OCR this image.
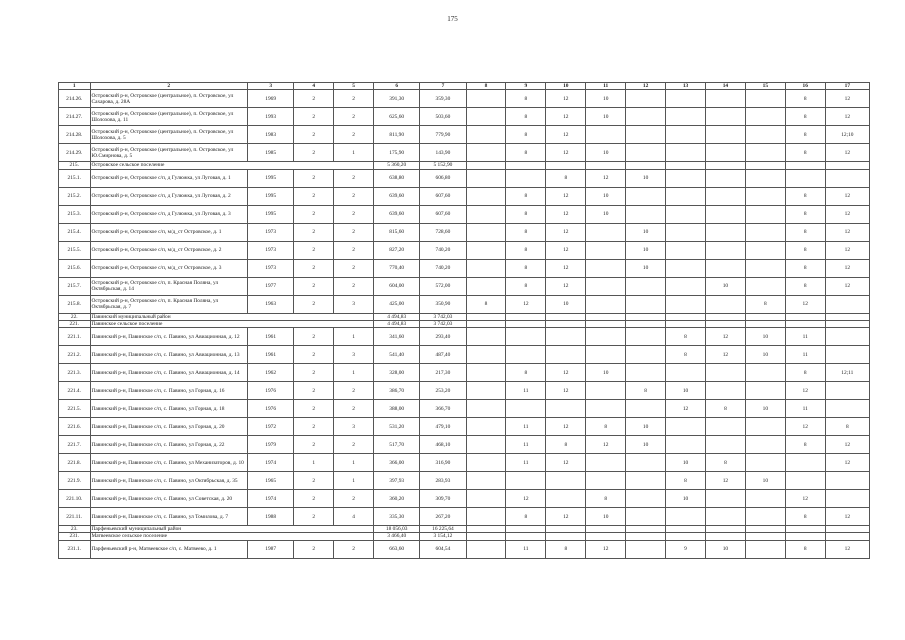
175
1	2	3	4	5	6	7	8	9	10	11	12	13	14	15	16	17
214.26.	Островский р-н, Островское (центральное), п. Островское, ул Сахарова, д. 28А	1969	2	2	391,30	359,30		8	12	10					8	12
214.27.	Островский р-н, Островское (центральное), п. Островское, ул Шолохова, д. 11	1993	2	2	625,60	503,60		8	12	10					8	12
214.28.	Островский р-н, Островское (центральное), п. Островское, ул Шолохова, д. 5	1983	2	2	811,90	779,90		8	12						8	12;10
214.29.	Островский р-н, Островское (центральное), п. Островское, ул Ю.Смирнова, д. 5	1985	2	1	175,90	143,90		8	12	10					8	12
215.	Островское сельское поселение				5 360,20	5 152,90										
215.1.	Островский р-н, Островское с/п, д Гулюжка, ул Луговая, д. 1	1995	2	2	638,80	606,80			8	12	10					
215.2.	Островский р-н, Островское с/п, д Гулюжка, ул Луговая, д. 2	1995	2	2	639,60	607,60		8	12	10					8	12
215.3.	Островский р-н, Островское с/п, д Гулюжка, ул Луговая, д. 3	1995	2	2	639,60	607,60		8	12	10					8	12
215.4.	Островский р-н, Островское с/п, м/д_ст Островское, д. 1	1973	2	2	815,60	728,60		8	12		10				8	12
215.5.	Островский р-н, Островское с/п, м/д_ст Островское, д. 2	1973	2	2	827,20	740,20		8	12		10				8	12
215.6.	Островский р-н, Островское с/п, м/д_ст Островское, д. 3	1973	2	2	770,40	740,20		8	12		10				8	12
215.7.	Островский р-н, Островское с/п, п. Красная Поляна, ул Октябрьская, д. 14	1977	2	2	604,00	572,00		8	12				10		8	12
215.8.	Островский р-н, Островское с/п, п. Красная Поляна, ул Октябрьская, д. 7	1963	2	3	425,00	350,90	8	12	10					8	12	
22.	Павинский муниципальный район				4 494,83	3 742,03										
221.	Павинское сельское поселение				4 494,83	3 742,03										
221.1.	Павинский р-н, Павинское с/п, с. Павино, ул Авиационная, д. 12	1961	2	1	341,60	293,40						8	12	10	11	
221.2.	Павинский р-н, Павинское с/п, с. Павино, ул Авиационная, д. 13	1961	2	3	541,40	487,40						8	12	10	11	
221.3.	Павинский р-н, Павинское с/п, с. Павино, ул Авиационная, д. 14	1962	2	1	328,00	217,30		8	12	10					8	12;11
221.4.	Павинский р-н, Павинское с/п, с. Павино, ул Горная, д. 16	1976	2	2	386,70	253,20		11	12		8	10			12	
221.5.	Павинский р-н, Павинское с/п, с. Павино, ул Горная, д. 18	1976	2	2	388,00	366,70						12	8	10	11	
221.6.	Павинский р-н, Павинское с/п, с. Павино, ул Горная, д. 20	1972	2	3	531,20	479,10		11	12	8	10				12	8
221.7.	Павинский р-н, Павинское с/п, с. Павино, ул Горная, д. 22	1979	2	2	517,70	468,10		11	8	12	10				8	12
221.8.	Павинский р-н, Павинское с/п, с. Павино, ул Механизаторов, д. 10	1974	1	1	366,00	316,90		11	12			10	8			12
221.9.	Павинский р-н, Павинское с/п, с. Павино, ул Октябрьская, д. 35	1965	2	1	397,93	283,93						8	12	10		
221.10.	Павинский р-н, Павинское с/п, с. Павино, ул Советская, д. 20	1974	2	2	360,20	309,70		12		8		10			12	
221.11.	Павинский р-н, Павинское с/п, с. Павино, ул Томилова, д. 7	1988	2	4	335,30	267,20		8	12	10					8	12
23.	Парфеньевский муниципальный район				18 056,03	16 225,64										
231.	Матвеевское сельское поселение				3 466,40	3 154,12										
231.1.	Парфеньевский р-н, Матвеевское с/п, с. Матвеево, д. 1	1987	2	2	663,60	604,54		11	8	12		9	10		8	12
